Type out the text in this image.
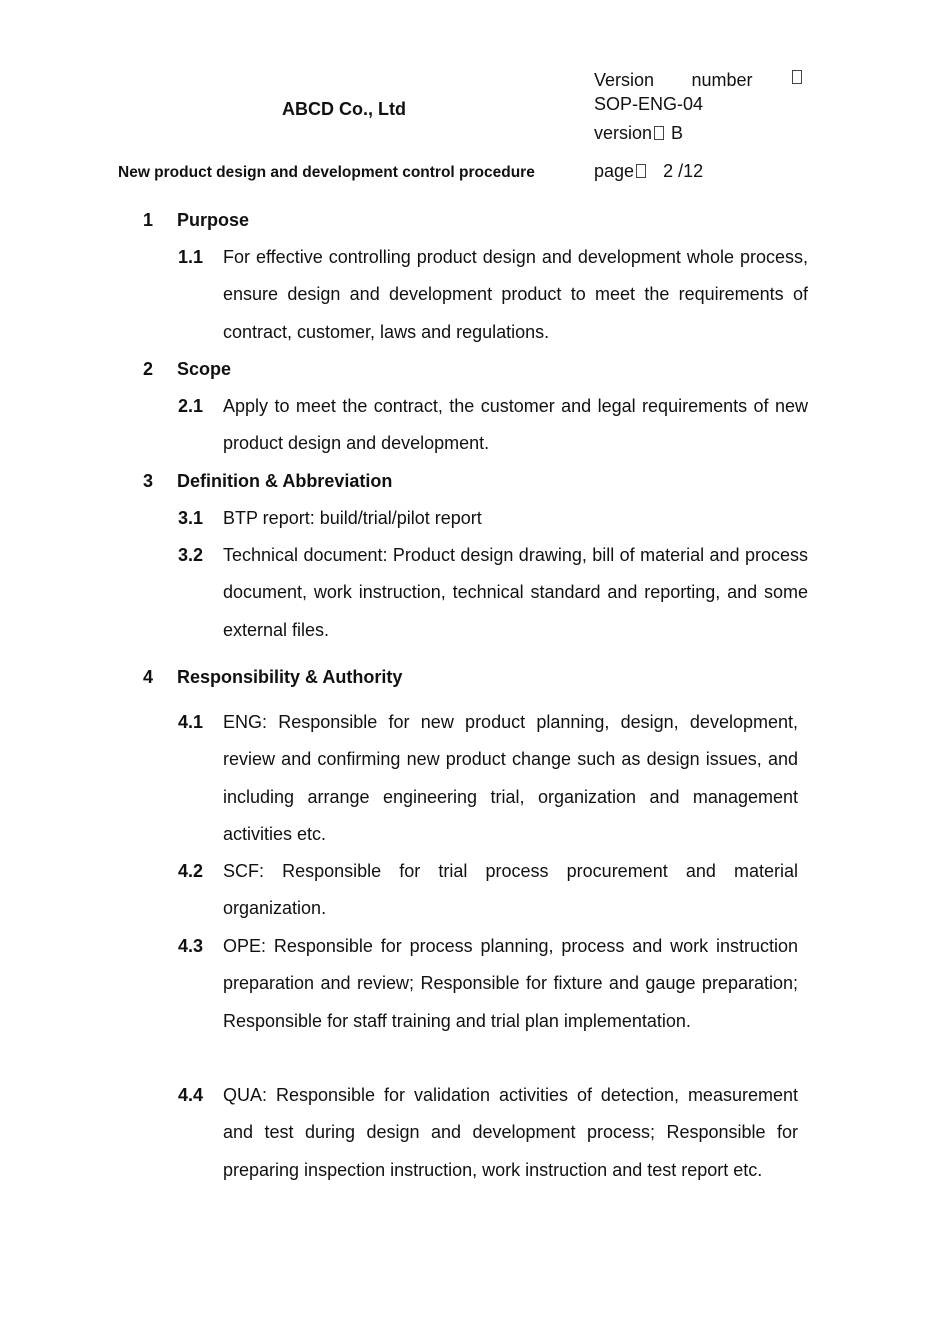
ABCD Co., Ltd
New product design and development control procedure
Version number
SOP-ENG-04
version B
page 2 /12
1 Purpose
1.1 For effective controlling product design and development whole process, ensure design and development product to meet the requirements of contract, customer, laws and regulations.
2 Scope
2.1 Apply to meet the contract, the customer and legal requirements of new product design and development.
3 Definition & Abbreviation
3.1 BTP report: build/trial/pilot report
3.2 Technical document: Product design drawing, bill of material and process document, work instruction, technical standard and reporting, and some external files.
4 Responsibility & Authority
4.1 ENG: Responsible for new product planning, design, development, review and confirming new product change such as design issues, and including arrange engineering trial, organization and management activities etc.
4.2 SCF: Responsible for trial process procurement and material organization.
4.3 OPE: Responsible for process planning, process and work instruction preparation and review; Responsible for fixture and gauge preparation; Responsible for staff training and trial plan implementation.
4.4 QUA: Responsible for validation activities of detection, measurement and test during design and development process; Responsible for preparing inspection instruction, work instruction and test report etc.
